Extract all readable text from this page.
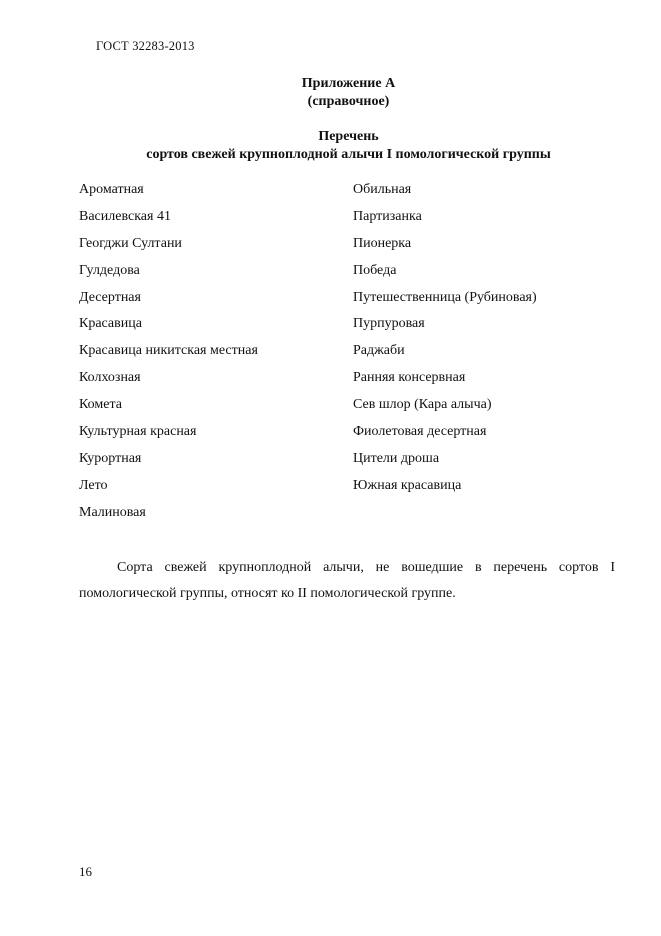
ГОСТ 32283-2013
Приложение А
(справочное)
Перечень
сортов свежей крупноплодной алычи I помологической группы
Ароматная
Василевская 41
Геогджи Султани
Гулдедова
Десертная
Красавица
Красавица никитская местная
Колхозная
Комета
Культурная красная
Курортная
Лето
Малиновая
Обильная
Партизанка
Пионерка
Победа
Путешественница (Рубиновая)
Пурпуровая
Раджаби
Ранняя консервная
Сев шлор (Кара алыча)
Фиолетовая десертная
Цители дроша
Южная красавица

Сорта свежей крупноплодной алычи, не вошедшие в перечень сортов I помологической группы, относят ко II помологической группе.

16
